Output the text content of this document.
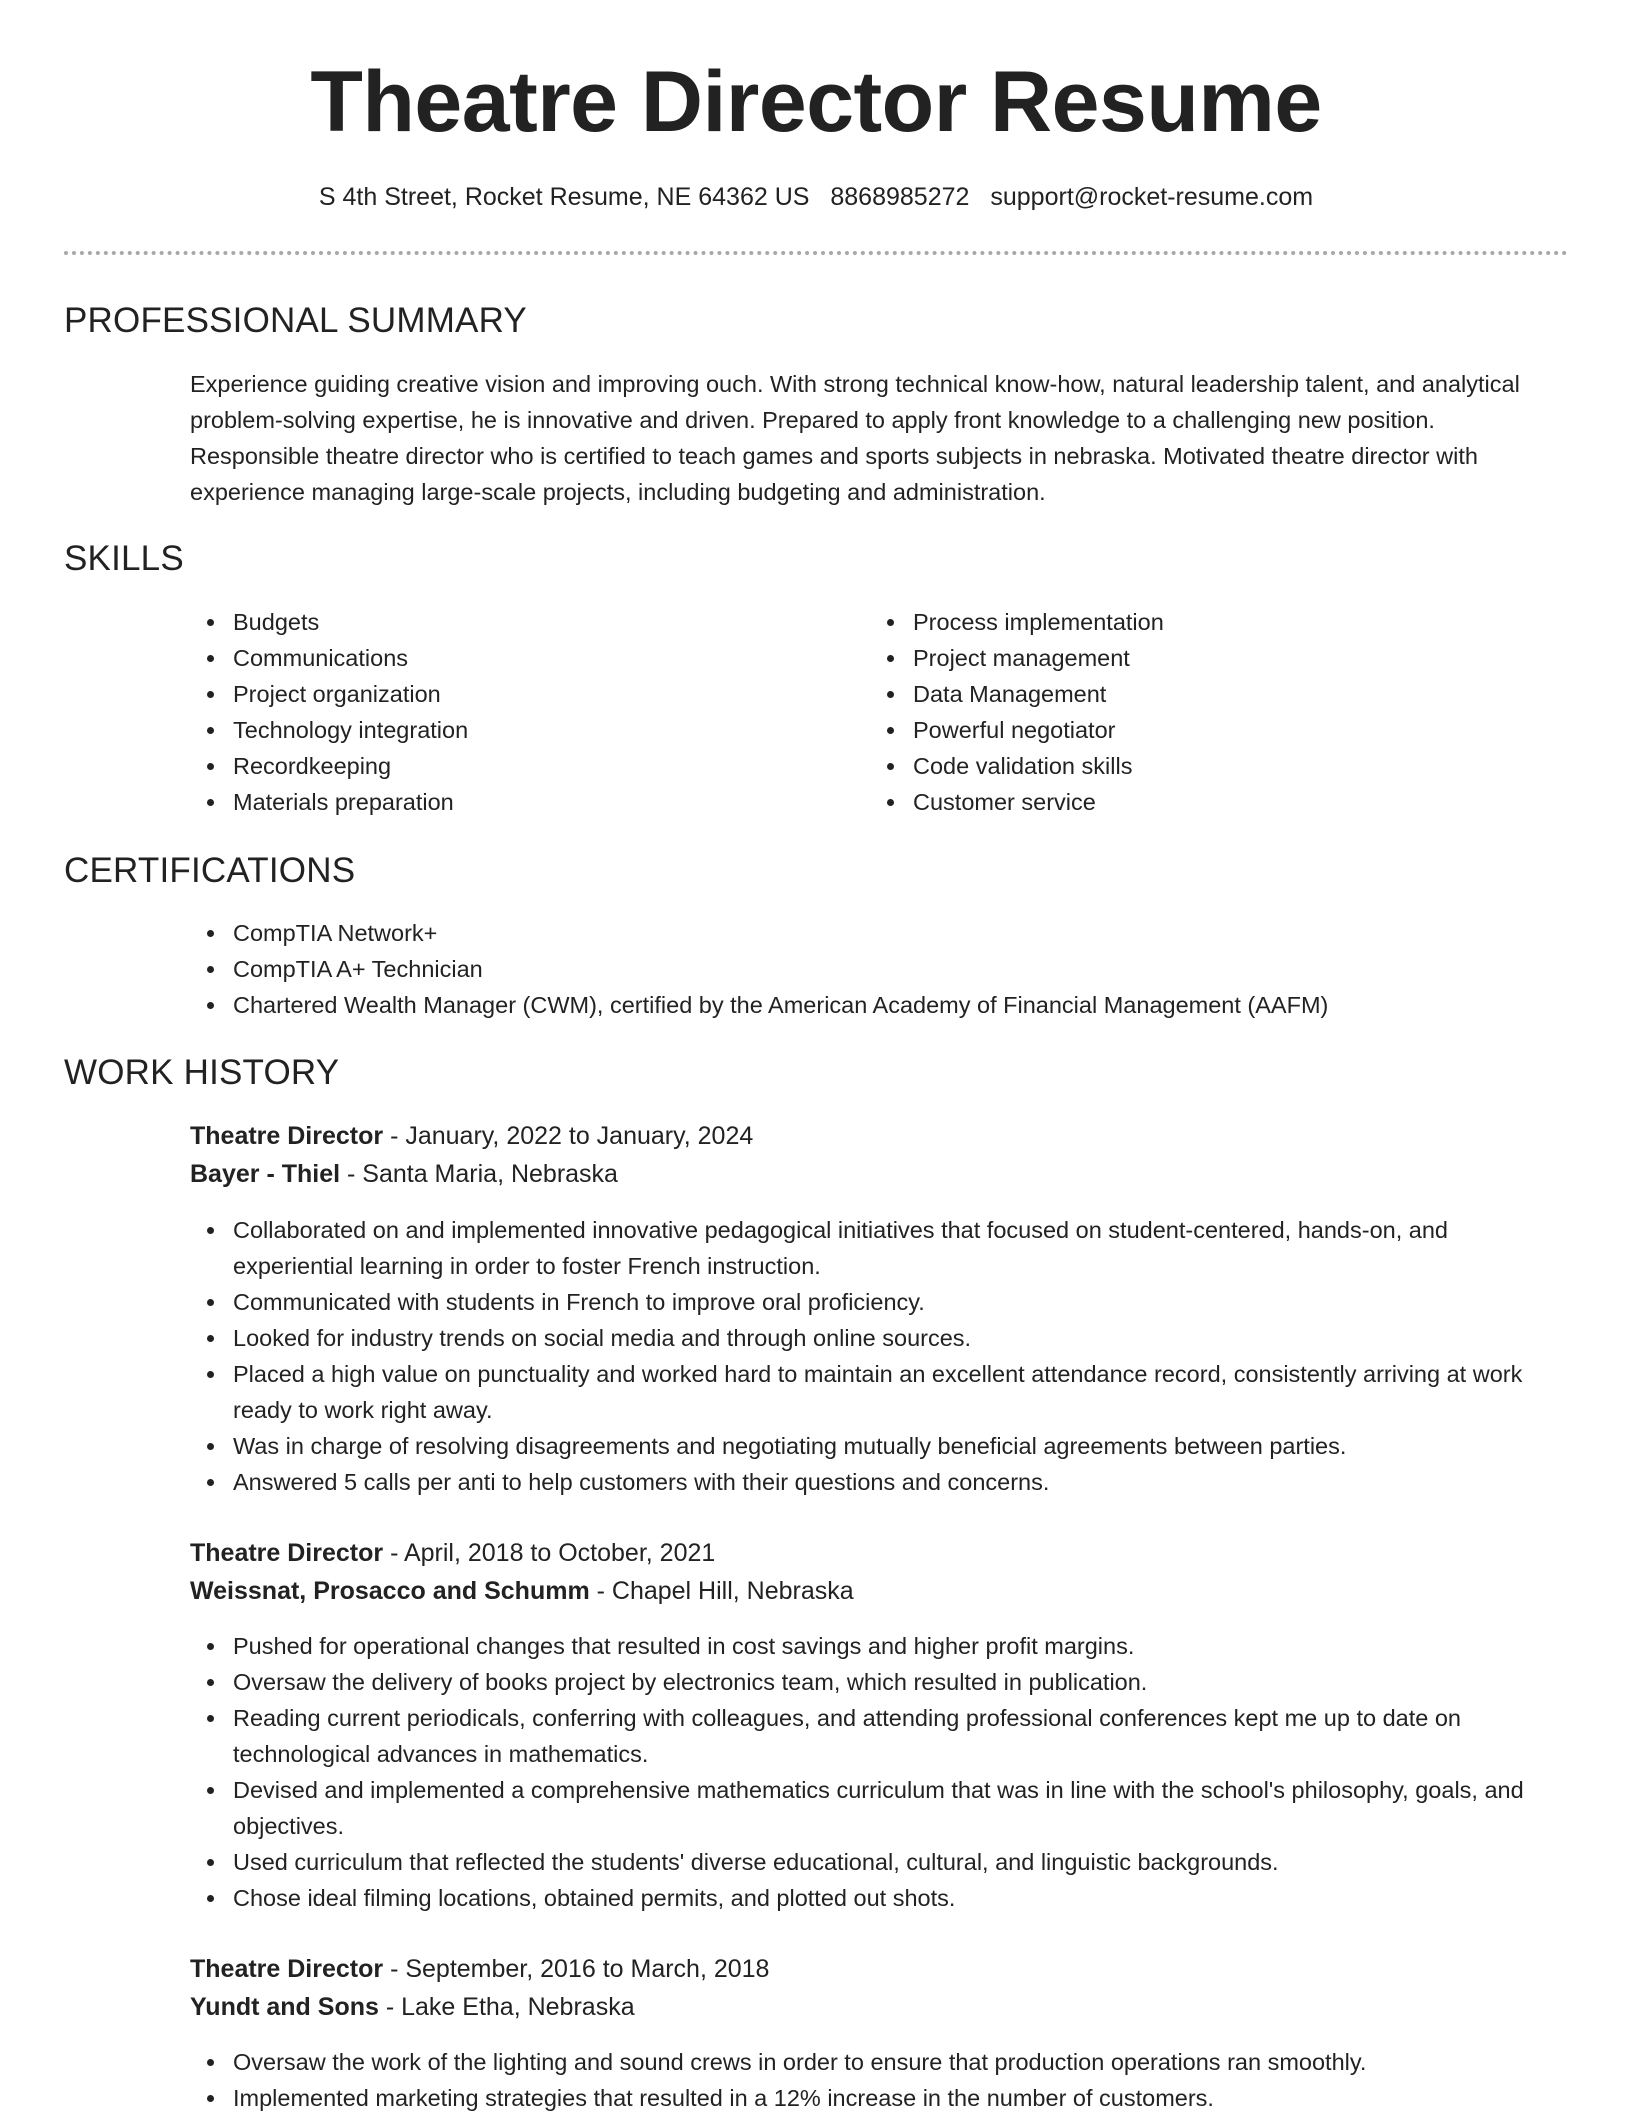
Theatre Director Resume
S 4th Street, Rocket Resume, NE 64362 US 8868985272 support@rocket-resume.com
PROFESSIONAL SUMMARY

Experience guiding creative vision and improving ouch. With strong technical know-how, natural leadership talent, and analytical problem-solving expertise, he is innovative and driven. Prepared to apply front knowledge to a challenging new position. Responsible theatre director who is certified to teach games and sports subjects in nebraska. Motivated theatre director with experience managing large-scale projects, including budgeting and administration.

SKILLS
Budgets
Communications
Project organization
Technology integration
Recordkeeping
Materials preparation
Process implementation
Project management
Data Management
Powerful negotiator
Code validation skills
Customer service
CERTIFICATIONS
CompTIA Network+
CompTIA A+ Technician
Chartered Wealth Manager (CWM), certified by the American Academy of Financial Management (AAFM)
WORK HISTORY
Theatre Director - January, 2022 to January, 2024
Bayer - Thiel - Santa Maria, Nebraska
Collaborated on and implemented innovative pedagogical initiatives that focused on student-centered, hands-on, and experiential learning in order to foster French instruction.
Communicated with students in French to improve oral proficiency.
Looked for industry trends on social media and through online sources.
Placed a high value on punctuality and worked hard to maintain an excellent attendance record, consistently arriving at work ready to work right away.
Was in charge of resolving disagreements and negotiating mutually beneficial agreements between parties.
Answered 5 calls per anti to help customers with their questions and concerns.
Theatre Director - April, 2018 to October, 2021
Weissnat, Prosacco and Schumm - Chapel Hill, Nebraska
Pushed for operational changes that resulted in cost savings and higher profit margins.
Oversaw the delivery of books project by electronics team, which resulted in publication.
Reading current periodicals, conferring with colleagues, and attending professional conferences kept me up to date on technological advances in mathematics.
Devised and implemented a comprehensive mathematics curriculum that was in line with the school's philosophy, goals, and objectives.
Used curriculum that reflected the students' diverse educational, cultural, and linguistic backgrounds.
Chose ideal filming locations, obtained permits, and plotted out shots.
Theatre Director - September, 2016 to March, 2018
Yundt and Sons - Lake Etha, Nebraska
Oversaw the work of the lighting and sound crews in order to ensure that production operations ran smoothly.
Implemented marketing strategies that resulted in a 12% increase in the number of customers.
